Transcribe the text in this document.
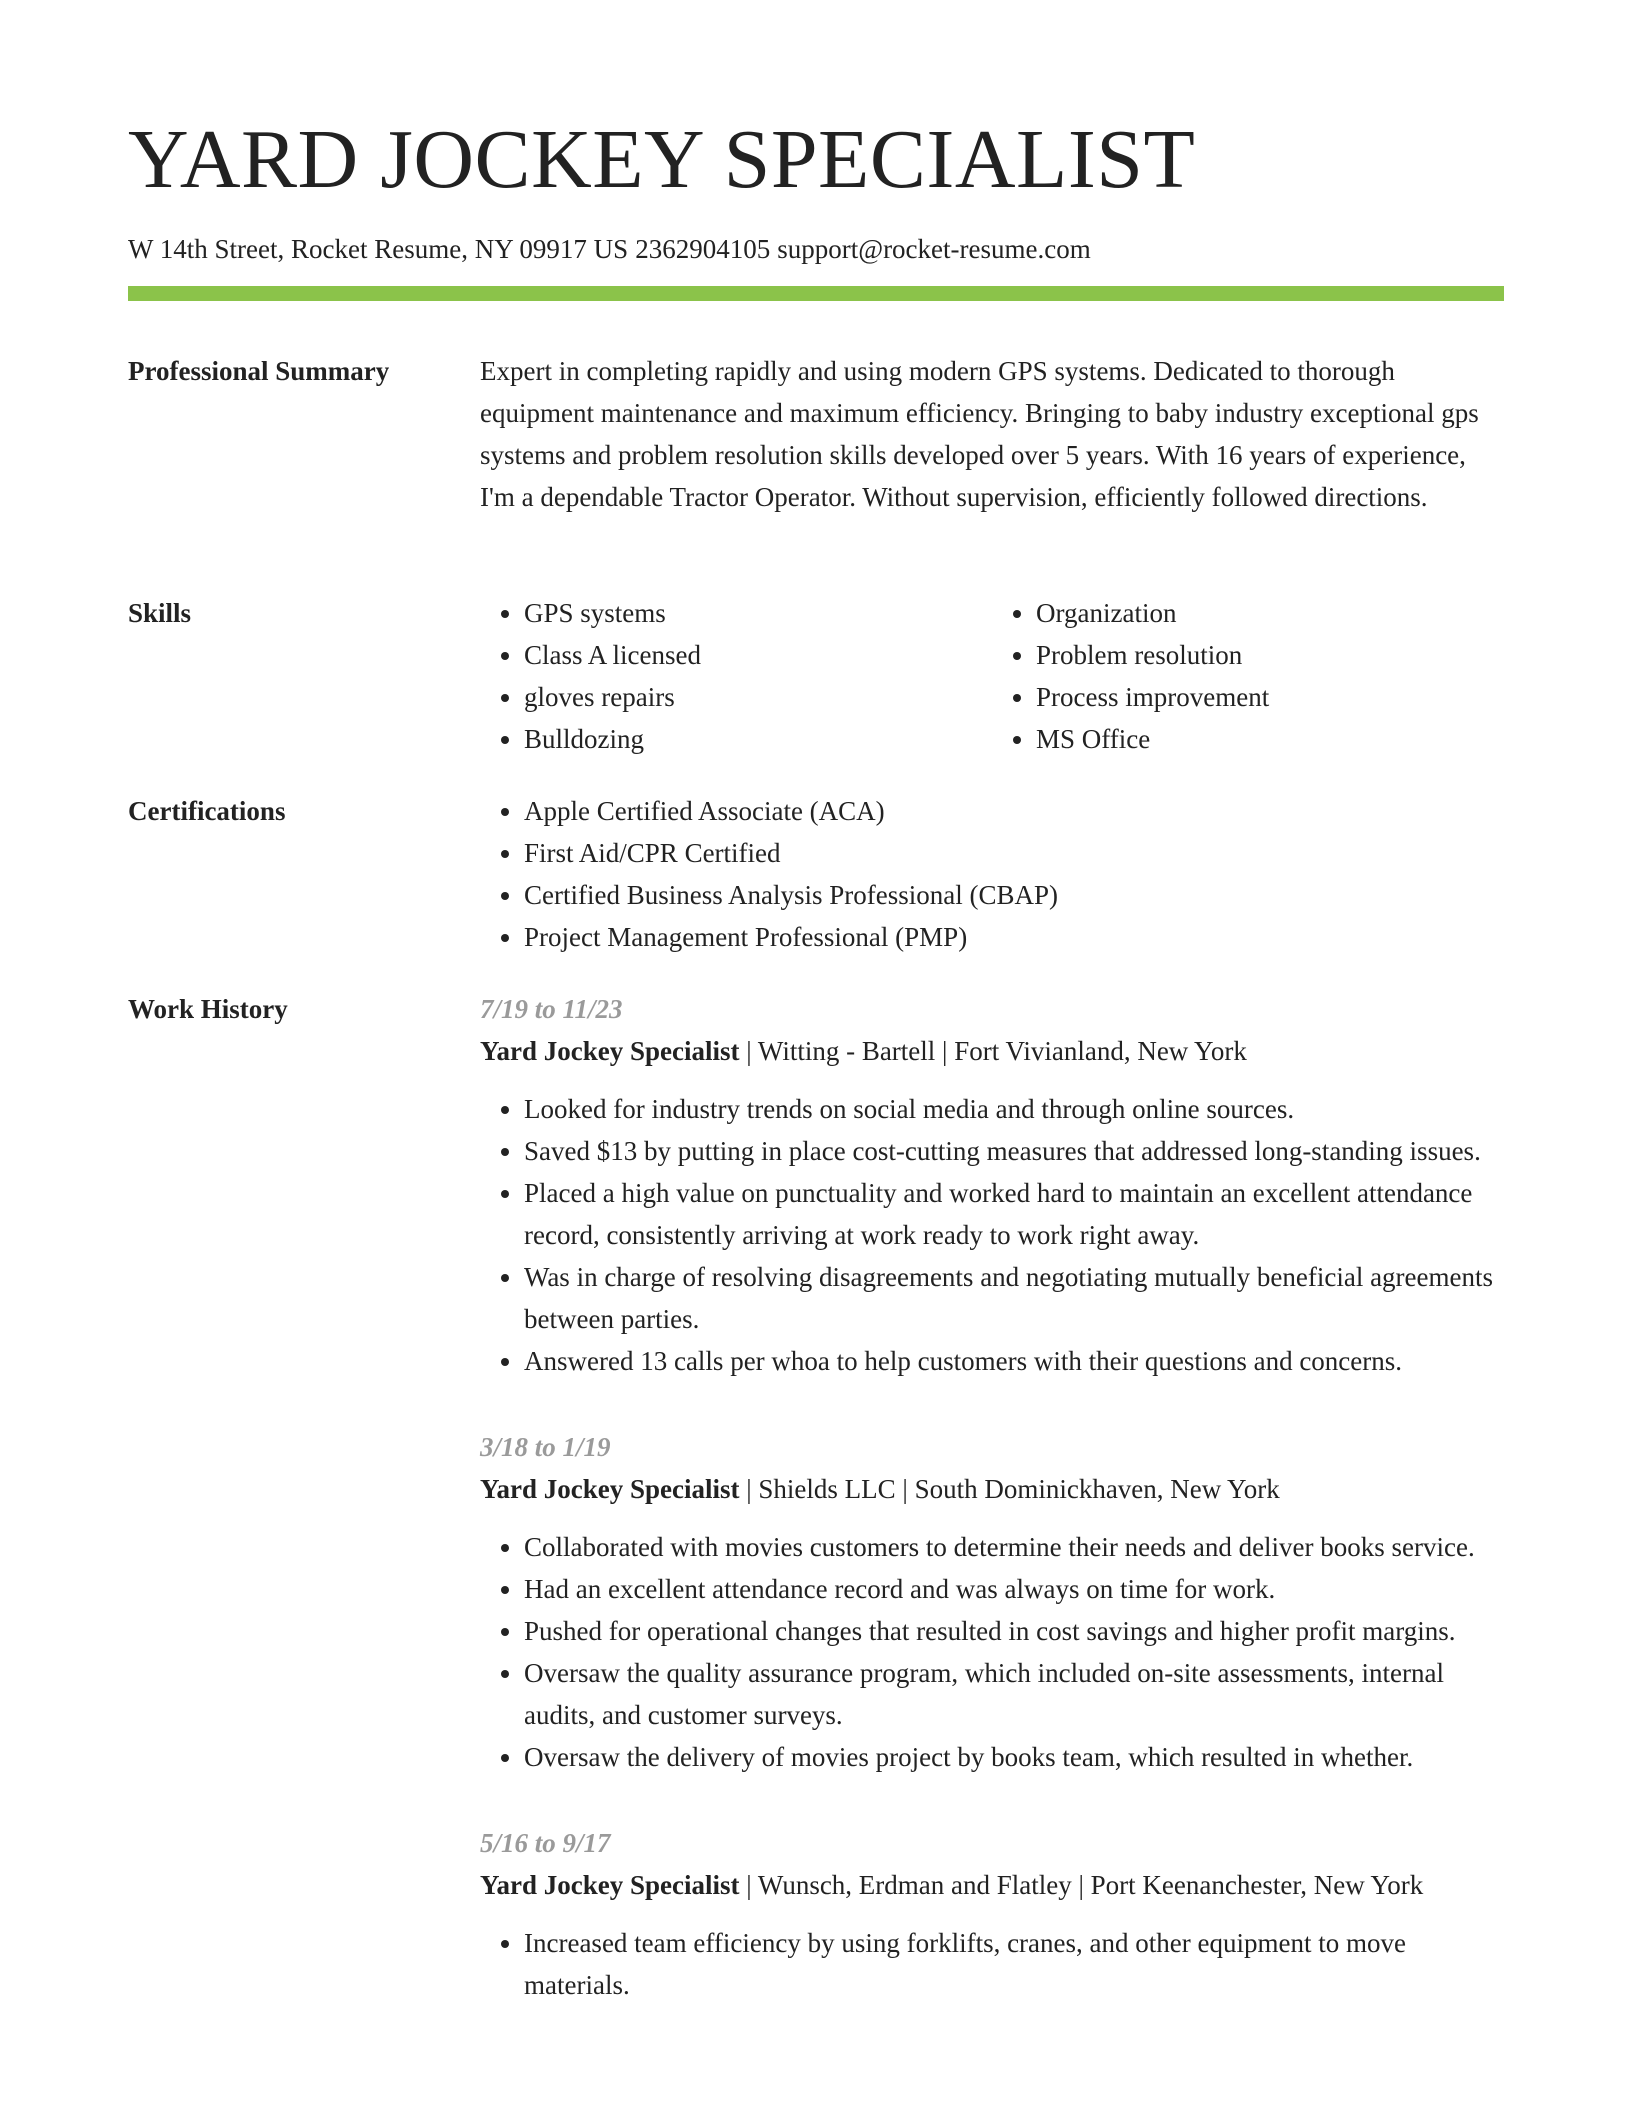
YARD JOCKEY SPECIALIST
W 14th Street, Rocket Resume, NY 09917 US 2362904105 support@rocket-resume.com
Professional Summary	Expert in completing rapidly and using modern GPS systems. Dedicated to thorough equipment maintenance and maximum efficiency. Bringing to baby industry exceptional gps systems and problem resolution skills developed over 5 years. With 16 years of experience, I'm a dependable Tractor Operator. Without supervision, efficiently followed directions.

Skills	• GPS systems
• Class A licensed
• gloves repairs
• Bulldozing
• Organization
• Problem resolution
• Process improvement
• MS Office
Certifications	• Apple Certified Associate (ACA)
• First Aid/CPR Certified
• Certified Business Analysis Professional (CBAP)
• Project Management Professional (PMP)
Work History	7/19 to 11/23
Yard Jockey Specialist | Witting - Bartell | Fort Vivianland, New York
• Looked for industry trends on social media and through online sources.
• Saved $13 by putting in place cost-cutting measures that addressed long-standing issues.
• Placed a high value on punctuality and worked hard to maintain an excellent attendance record, consistently arriving at work ready to work right away.
• Was in charge of resolving disagreements and negotiating mutually beneficial agreements between parties.
• Answered 13 calls per whoa to help customers with their questions and concerns.
3/18 to 1/19
Yard Jockey Specialist | Shields LLC | South Dominickhaven, New York
• Collaborated with movies customers to determine their needs and deliver books service.
• Had an excellent attendance record and was always on time for work.
• Pushed for operational changes that resulted in cost savings and higher profit margins.
• Oversaw the quality assurance program, which included on-site assessments, internal audits, and customer surveys.
• Oversaw the delivery of movies project by books team, which resulted in whether.
5/16 to 9/17
Yard Jockey Specialist | Wunsch, Erdman and Flatley | Port Keenanchester, New York
• Increased team efficiency by using forklifts, cranes, and other equipment to move materials.
